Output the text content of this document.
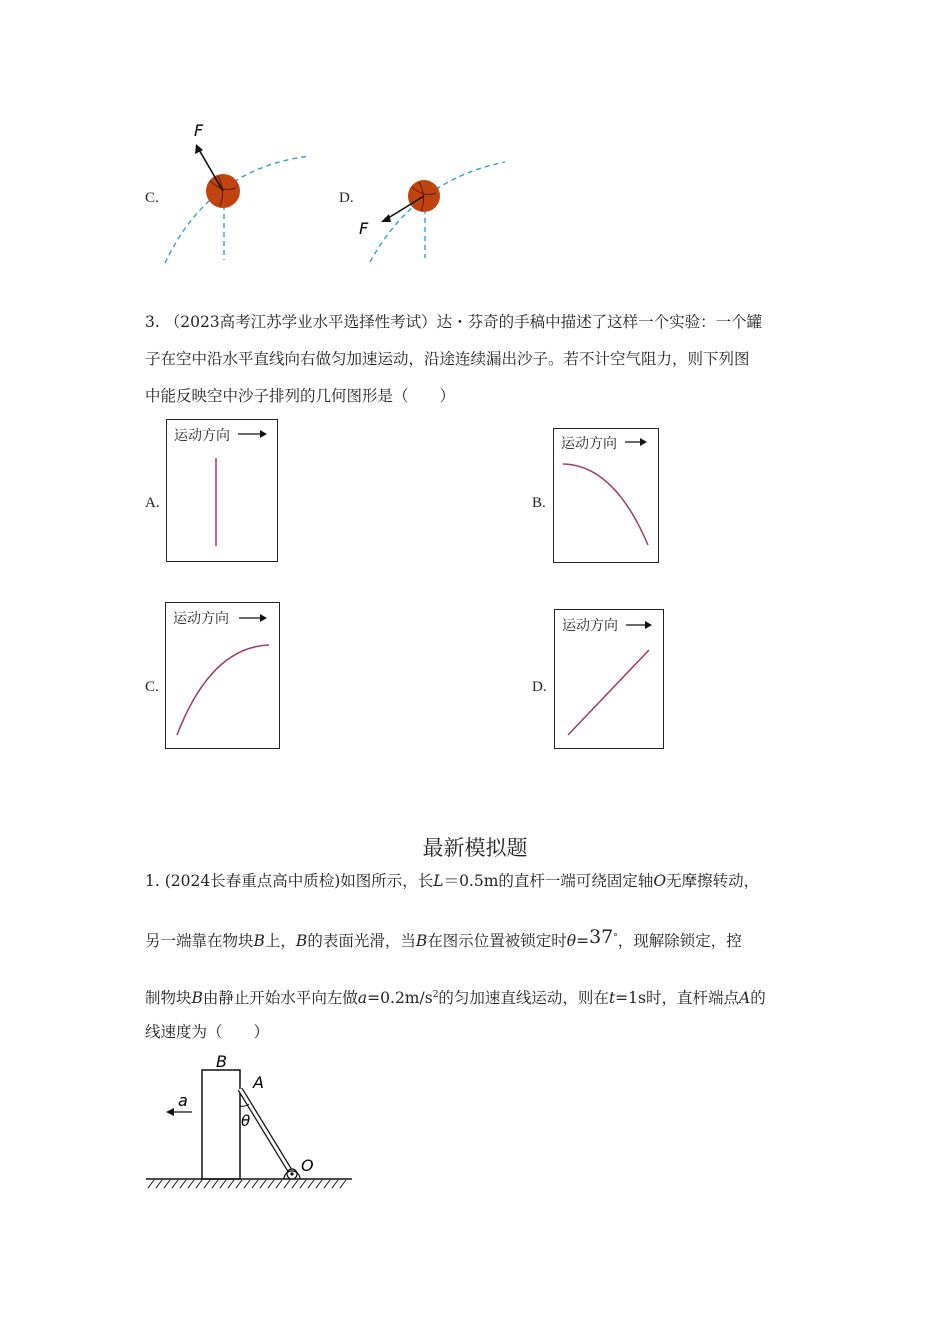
C.
F
D.
F
3. （2023高考江苏学业水平选择性考试）达・芬奇的手稿中描述了这样一个实验：一个罐
子在空中沿水平直线向右做匀加速运动，沿途连续漏出沙子。若不计空气阻力，则下列图
中能反映空中沙子排列的几何图形是（　　）
A.
运动方向
B.
运动方向
C.
运动方向
D.
运动方向
最新模拟题
1. (2024长春重点高中质检)如图所示，长L＝0.5m的直杆一端可绕固定轴O无摩擦转动，
另一端靠在物块B上，B的表面光滑，当B在图示位置被锁定时θ=37°，现解除锁定，控
制物块B由静止开始水平向左做$a=0.2m/s^2$的匀加速直线运动，则在t=1s时，直杆端点A的
线速度为（　　）
B
A
a
θ
O
